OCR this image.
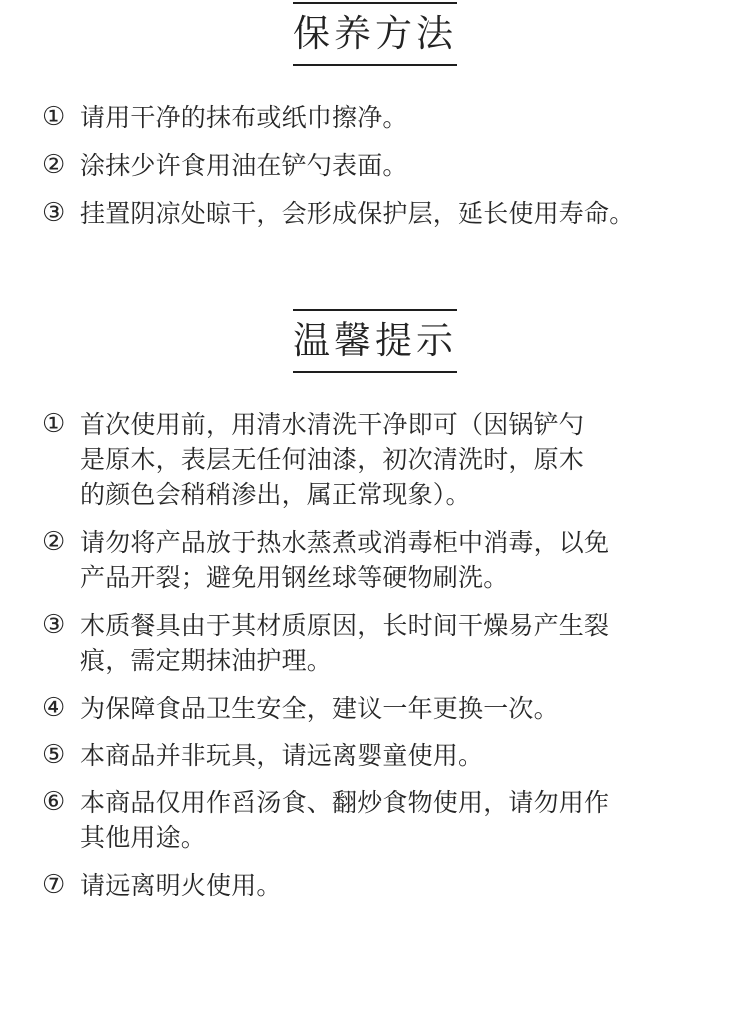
保养方法
① 请用干净的抹布或纸巾擦净。
② 涂抹少许食用油在铲勺表面。
③ 挂置阴凉处晾干，会形成保护层，延长使用寿命。
温馨提示
① 首次使用前，用清水清洗干净即可（因锅铲勺
是原木，表层无任何油漆，初次清洗时，原木
的颜色会稍稍渗出，属正常现象）。
② 请勿将产品放于热水蒸煮或消毒柜中消毒，以免
产品开裂；避免用钢丝球等硬物刷洗。
③ 木质餐具由于其材质原因，长时间干燥易产生裂
痕，需定期抹油护理。
④ 为保障食品卫生安全，建议一年更换一次。
⑤ 本商品并非玩具，请远离婴童使用。
⑥ 本商品仅用作舀汤食、翻炒食物使用，请勿用作
其他用途。
⑦ 请远离明火使用。
